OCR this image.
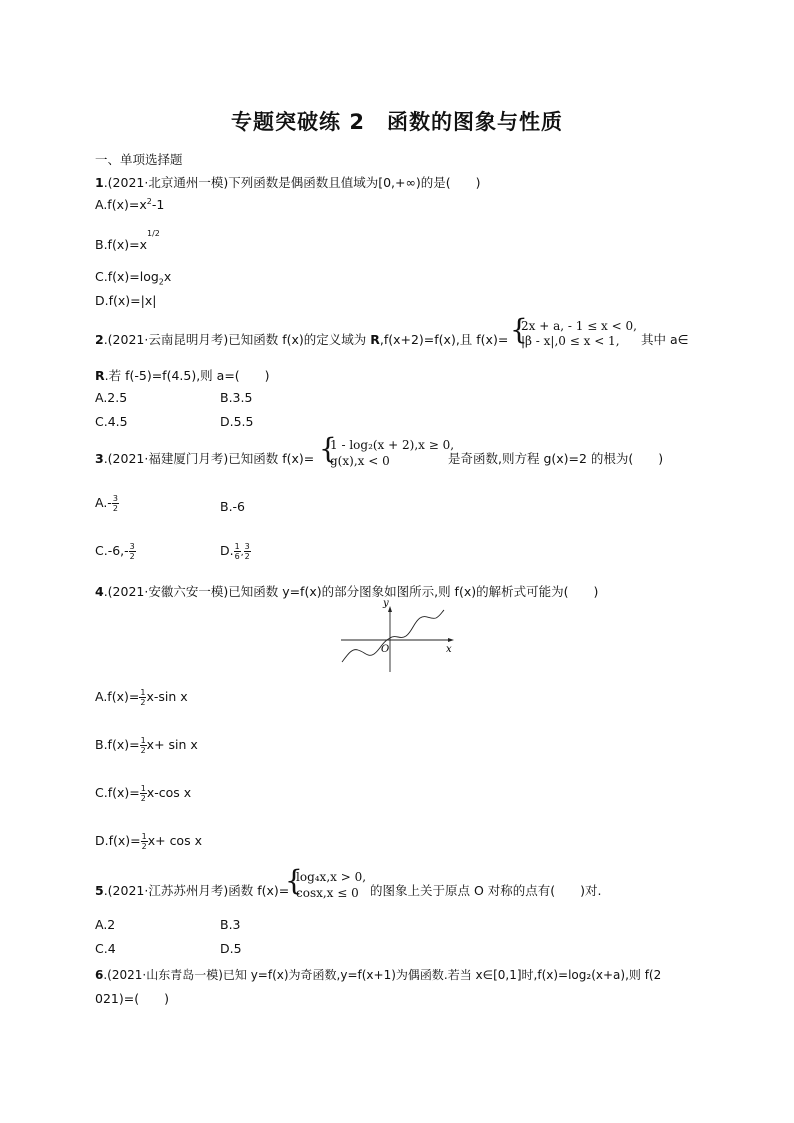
专题突破练 2　函数的图象与性质
一、单项选择题
1.(2021·北京通州一模)下列函数是偶函数且值域为[0,+∞)的是(　　)
$A.f(x)=x^2-1$
$B.f(x)=x^{1/2}$
$C.f(x)=\log_2x$
D.f(x)=|x|
2.(2021·云南昆明月考)已知函数 f(x)的定义域为 R,f(x+2)=f(x),且 f(x)= {
2x + a, - 1 ≤ x < 0,
|β - x|,0 ≤ x < 1, 其中 a∈
R.若 f(-5)=f(4.5),则 a=(　　)
A.2.5	B.3.5
C.4.5	D.5.5
3.(2021·福建厦门月考)已知函数 f(x)= {
1 - log₂(x + 2),x ≥ 0,
g(x),x < 0	是奇函数,则方程 g(x)=2 的根为(　　)
$A.- \frac{3}{2}$	B.-6
$C.-6,- \frac{3}{2}$	D. $\frac{1}{6}$ , $\frac{3}{2}$
4.(2021·安徽六安一模)已知函数 y=f(x)的部分图象如图所示,则 f(x)的解析式可能为(　　)
y
x
O
$A.f(x)= \frac{1}{2} x-\sin$ x
$B.f(x)= \frac{1}{2} x+ \sin x$
$C.f(x)= \frac{1}{2} x-\cos$ x
$D.f(x)= \frac{1}{2} x+ \cos x$
5.(2021·江苏苏州月考)函数 f(x)=
{
log₄x,x > 0,
cosx,x ≤ 0 的图象上关于原点 O 对称的点有(　　)对.
A.2	B.3
C.4	D.5
6.(2021·山东青岛一模)已知 y=f(x)为奇函数,y=f(x+1)为偶函数.若当 x∈[0,1]时,f(x)=log₂(x+a),则 f(2
021)=(　　)
